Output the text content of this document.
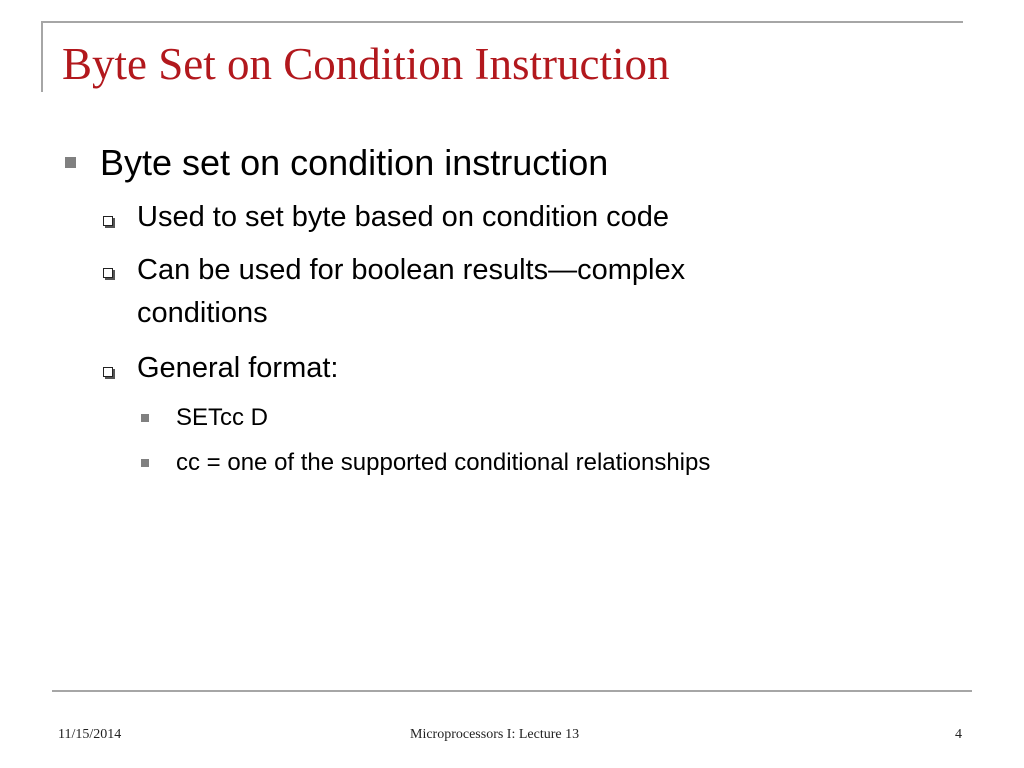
Byte Set on Condition Instruction
Byte set on condition instruction
Used to set byte based on condition code
Can be used for boolean results—complex
conditions
General format:
SETcc D
cc = one of the supported conditional relationships
11/15/2014	Microprocessors I: Lecture 13	4
